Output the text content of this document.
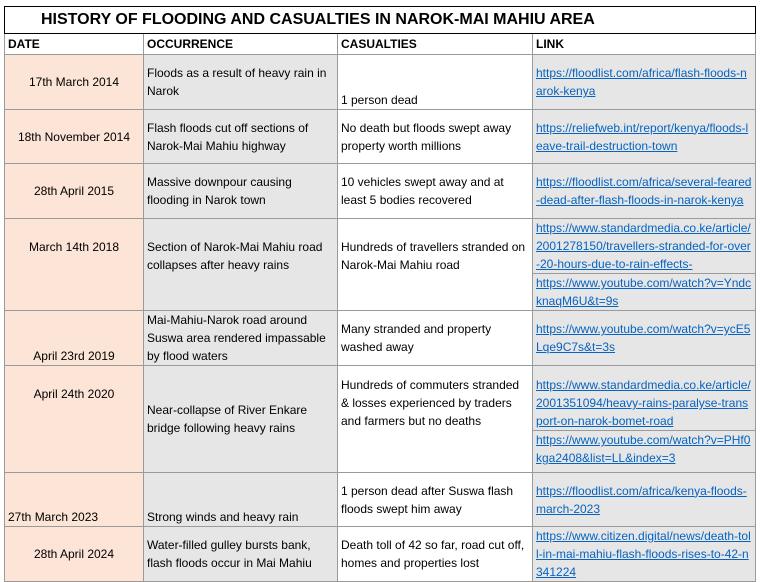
HISTORY OF FLOODING AND CASUALTIES IN NAROK-MAI MAHIU AREA			
DATE	OCCURRENCE	CASUALTIES	LINK
17th March 2014	Floods as a result of heavy rain in Narok	1 person dead	https://floodlist.com/africa/flash-floods-narok-kenya
18th November 2014	Flash floods cut off sections of Narok-Mai Mahiu highway	No death but floods swept away property worth millions	https://reliefweb.int/report/kenya/floods-leave-trail-destruction-town
28th April 2015	Massive downpour causing flooding in Narok town	10 vehicles swept away and at least 5 bodies recovered	https://floodlist.com/africa/several-feared-dead-after-flash-floods-in-narok-kenya
March 14th 2018	Section of Narok-Mai Mahiu road collapses after heavy rains	Hundreds of travellers stranded on Narok-Mai Mahiu road	https://www.standardmedia.co.ke/article/2001278150/travellers-stranded-for-over-20-hours-due-to-rain-effects-
https://www.youtube.com/watch?v=YndcknaqM6U&t=9s

April 23rd 2019	Mai-Mahiu-Narok road around Suswa area rendered impassable by flood waters	Many stranded and property washed away	https://www.youtube.com/watch?v=ycE5Lqe9C7s&t=3s
April 24th 2020	Near-collapse of River Enkare bridge following heavy rains	Hundreds of commuters stranded & losses experienced by traders and farmers but no deaths	https://www.standardmedia.co.ke/article/2001351094/heavy-rains-paralyse-transport-on-narok-bomet-road
https://www.youtube.com/watch?v=PHf0kga2408&list=LL&index=3

27th March 2023	Strong winds and heavy rain	1 person dead after Suswa flash floods swept him away	https://floodlist.com/africa/kenya-floods-march-2023
28th April 2024	Water-filled gulley bursts bank, flash floods occur in Mai Mahiu	Death toll of 42 so far, road cut off, homes and properties lost	https://www.citizen.digital/news/death-toll-in-mai-mahiu-flash-floods-rises-to-42-n341224
